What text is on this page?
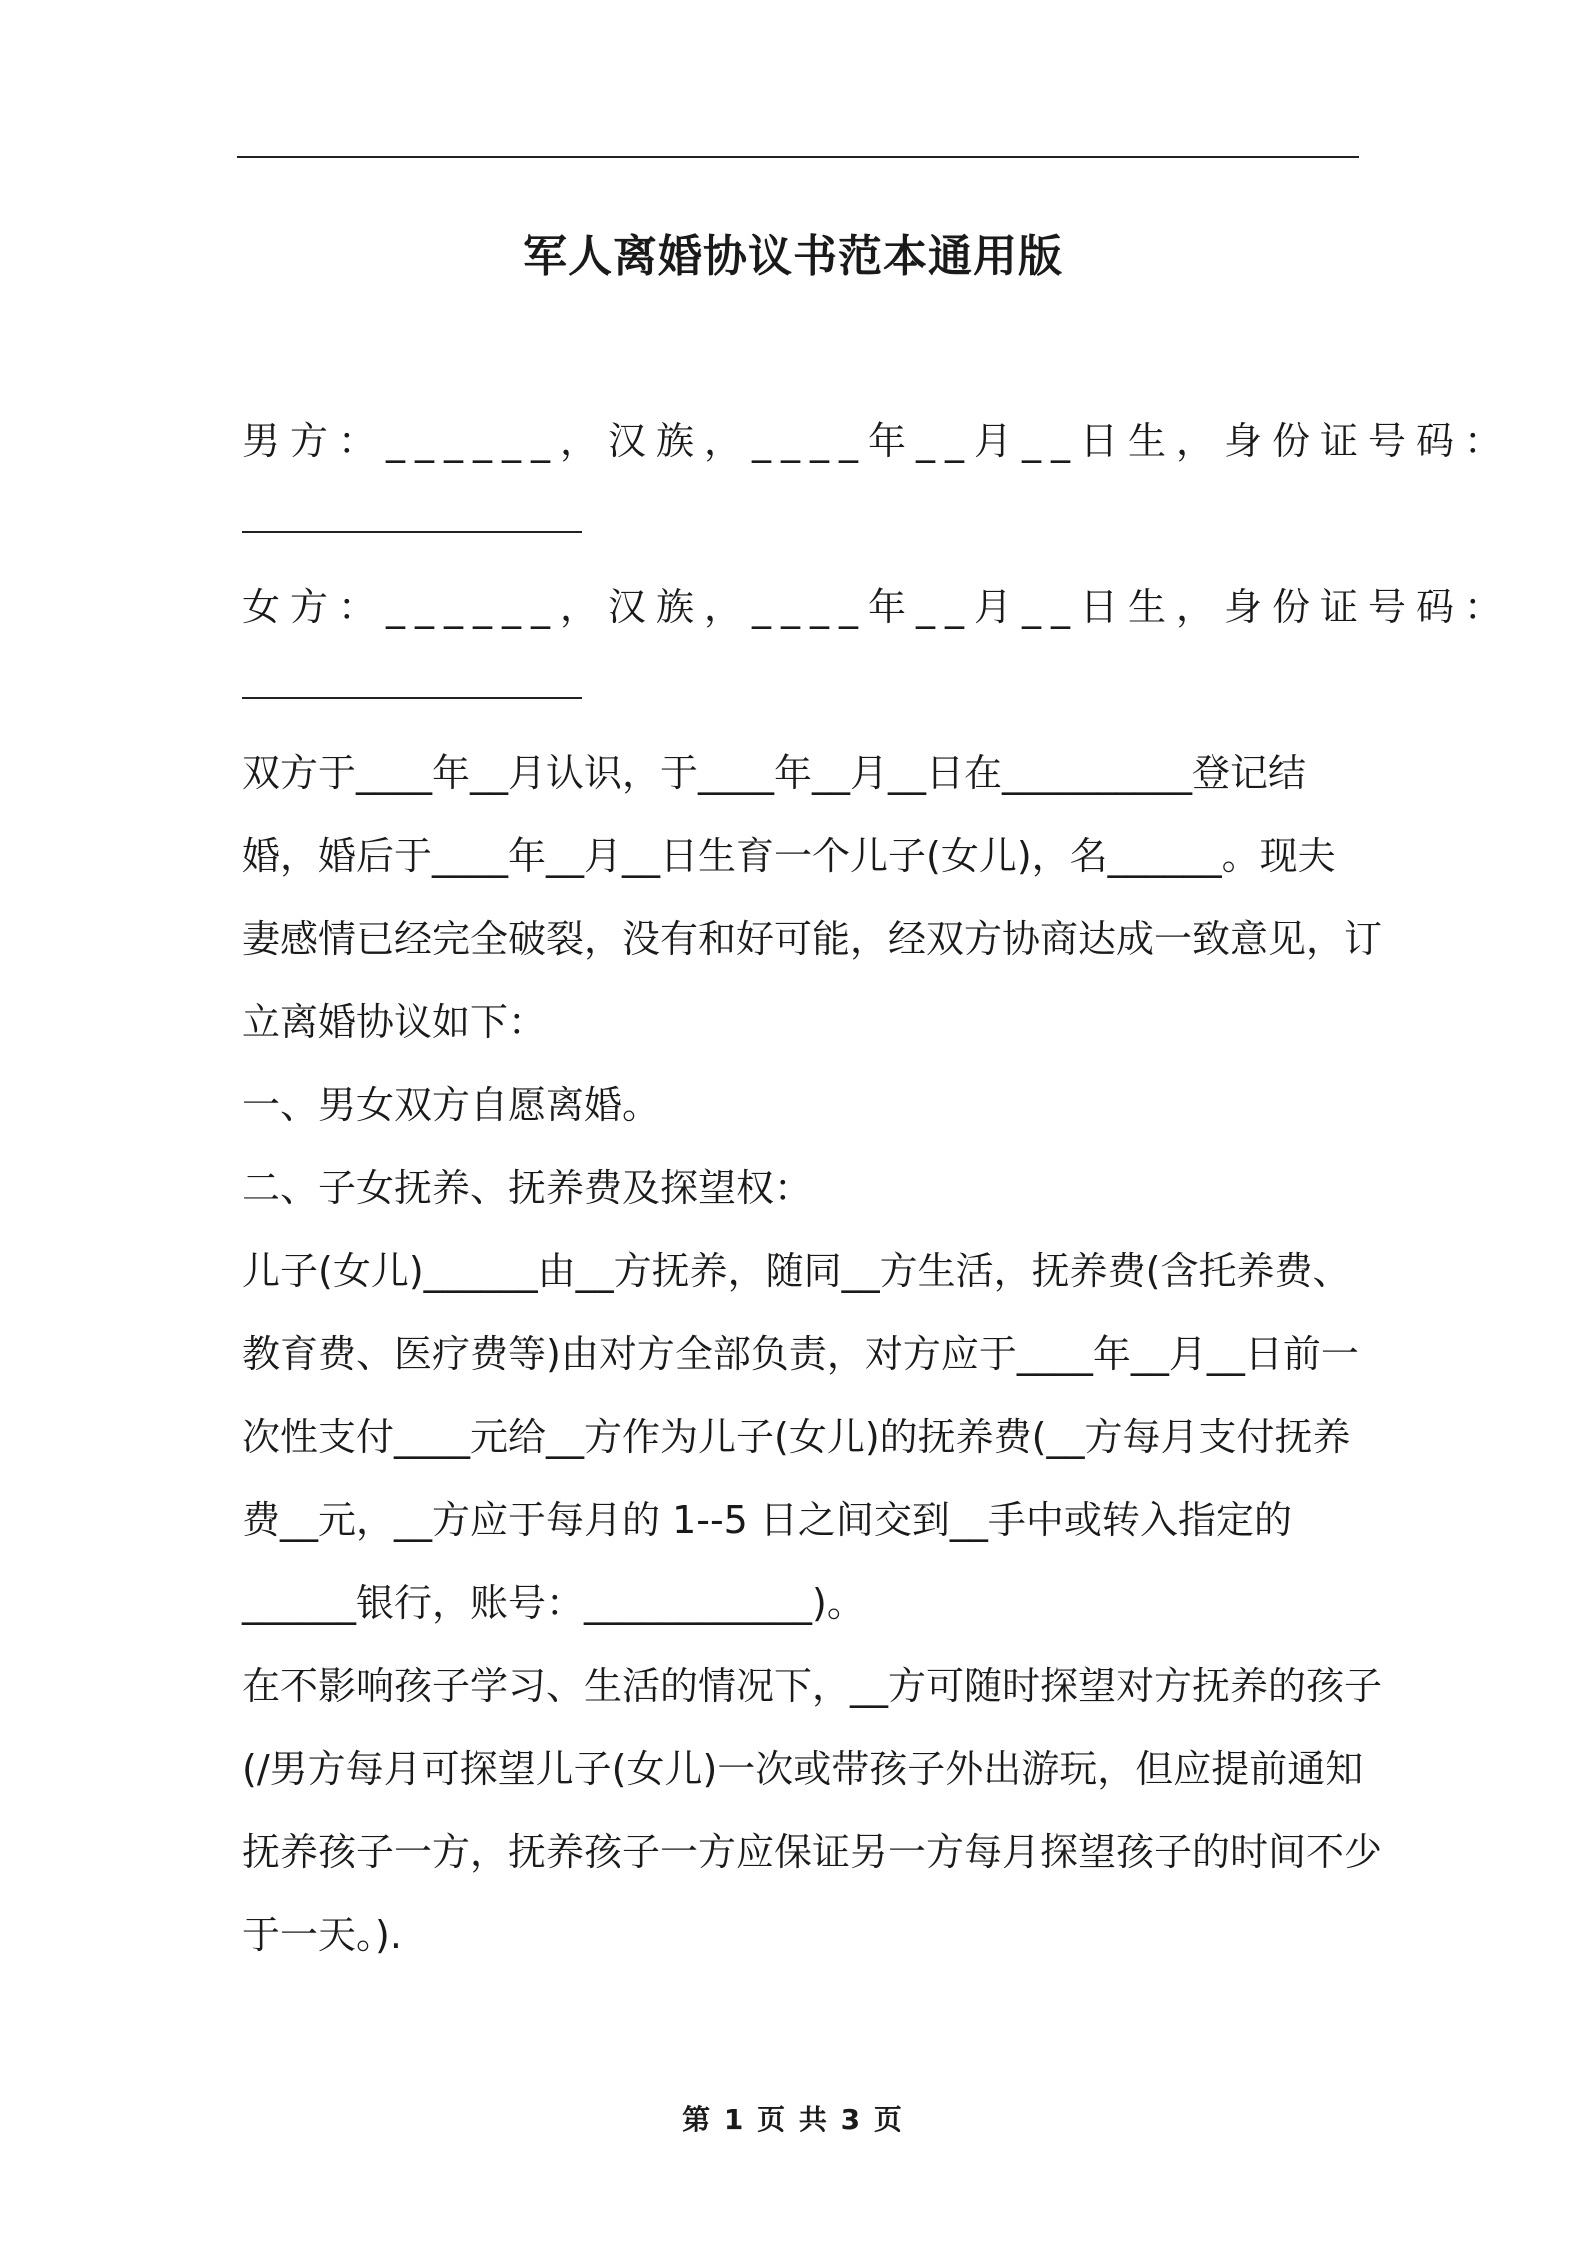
军人离婚协议书范本通用版
男方：______，汉族，____年__月__日生，身份证号码：
女方：______，汉族，____年__月__日生，身份证号码：
双方于____年__月认识，于____年__月__日在__________登记结
婚，婚后于____年__月__日生育一个儿子(女儿)，名______。现夫
妻感情已经完全破裂，没有和好可能，经双方协商达成一致意见，订
立离婚协议如下：
一、男女双方自愿离婚。
二、子女抚养、抚养费及探望权：
儿子(女儿)______由__方抚养，随同__方生活，抚养费(含托养费、
教育费、医疗费等)由对方全部负责，对方应于____年__月__日前一
次性支付____元给__方作为儿子(女儿)的抚养费(__方每月支付抚养
费__元，__方应于每月的 1--5 日之间交到__手中或转入指定的
______银行，账号：____________)。
在不影响孩子学习、生活的情况下，__方可随时探望对方抚养的孩子
(/男方每月可探望儿子(女儿)一次或带孩子外出游玩，但应提前通知
抚养孩子一方，抚养孩子一方应保证另一方每月探望孩子的时间不少
于一天。).
第 1 页 共 3 页
